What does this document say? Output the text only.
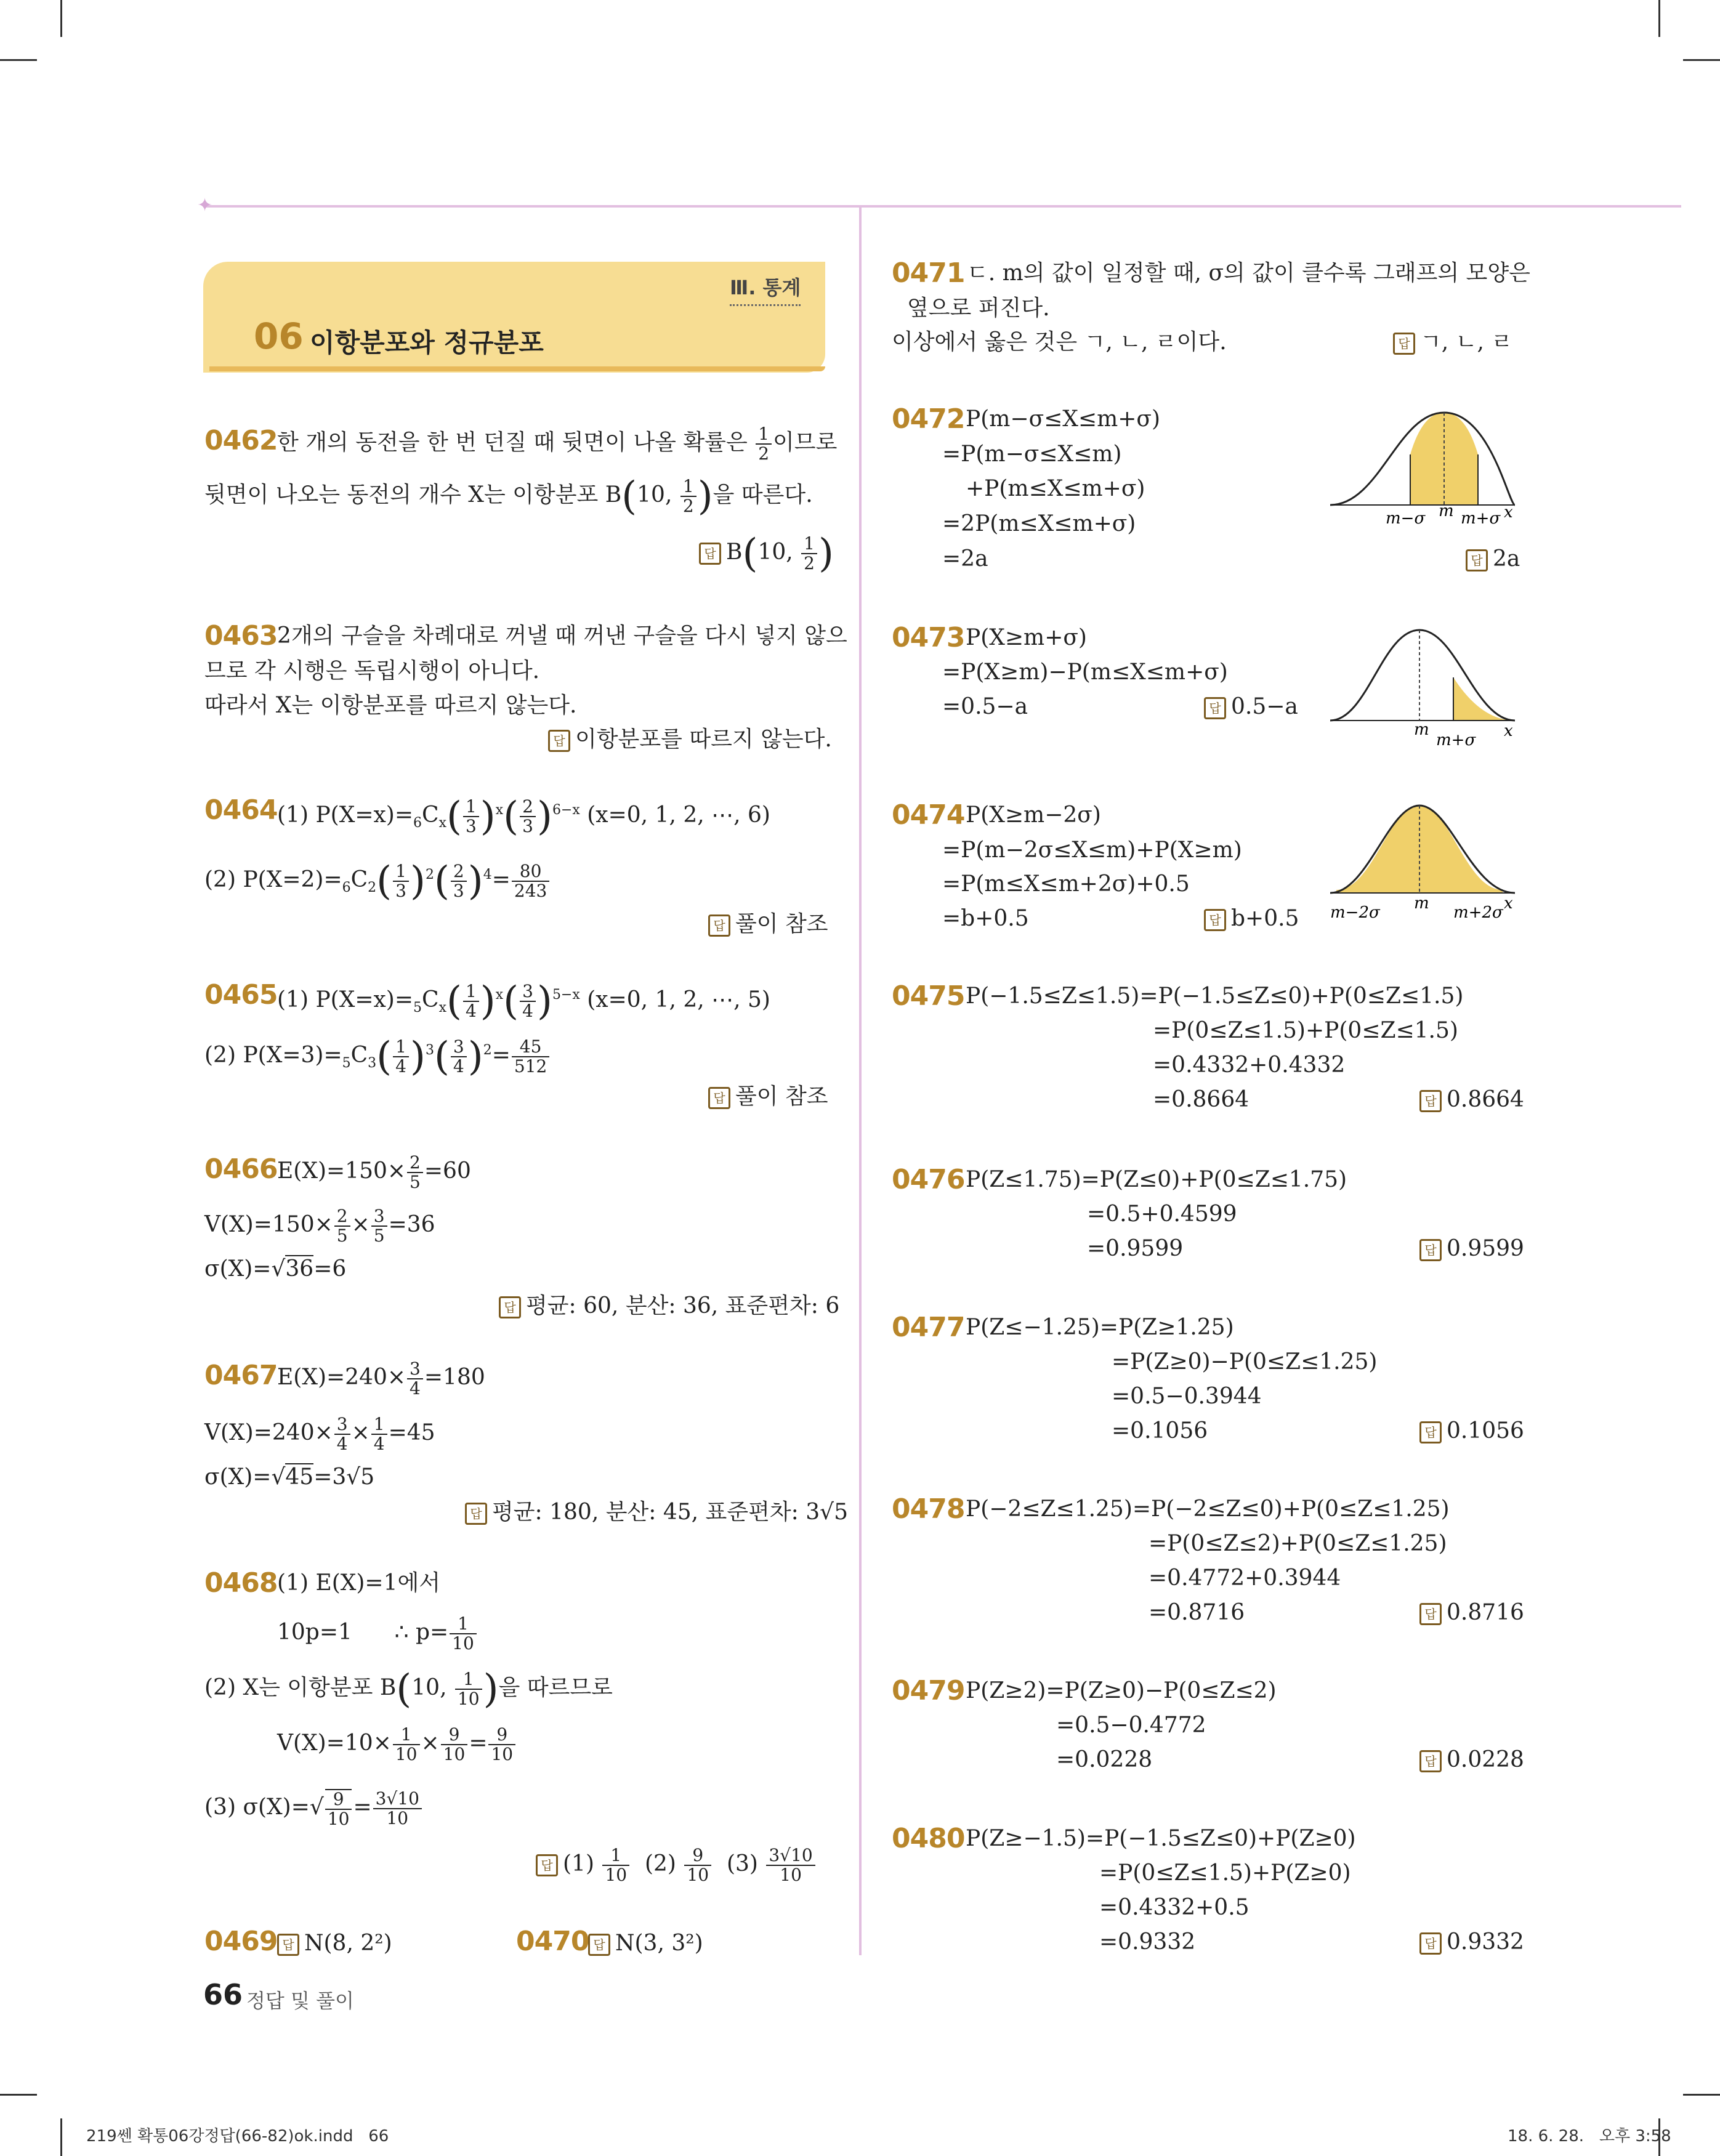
✦
Ⅲ. 통계
06 이항분포와 정규분포
0462 한 개의 동전을 한 번 던질 때 뒷면이 나올 확률은 $\frac{1}{2}$ 이므로
뒷면이 나오는 동전의 개수 X는 이항분포 B(10, $\frac{1}{2}$ )을 따른다.
답 B(10, $\frac{1}{2}$ )
0463 2개의 구슬을 차례대로 꺼낼 때 꺼낸 구슬을 다시 넣지 않으
므로 각 시행은 독립시행이 아니다.
따라서 X는 이항분포를 따르지 않는다.
답 이항분포를 따르지 않는다.
0464 (1) $P(X=x)=_6C_x( \frac{1}{3} )^x( \frac{2}{3} )^{6-x}$ (x=0, 1, 2, ⋯, 6)
(2) $P(X=2)=_6C_2( \frac{1}{3} )^2( \frac{2}{3} )^4= \frac{80}{243}$
답 풀이 참조
0465 (1) $P(X=x)=_5C_x( \frac{1}{4} )^x( \frac{3}{4} )^{5-x}$ (x=0, 1, 2, ⋯, 5)
(2) $P(X=3)=_5C_3( \frac{1}{4} )^3( \frac{3}{4} )^2= \frac{45}{512}$
답 풀이 참조
0466 $E(X)=150\times \frac{2}{5} =60$
$V(X)=150\times \frac{2}{5} \times \frac{3}{5} =36$
σ(X)=√36=6
답 평균: 60, 분산: 36, 표준편차: 6
0467 $E(X)=240\times \frac{3}{4} =180$
$V(X)=240\times \frac{3}{4} \times \frac{1}{4} =45$
σ(X)=√45=3√5
답 평균: 180, 분산: 45, 표준편차: 3√5
0468 (1) E(X)=1에서
10p=1 ∴ $p= \frac{1}{10}$
(2) X는 이항분포 B(10, $\frac{1}{10}$ )을 따르므로
$V(X)=10\times \frac{1}{10} \times \frac{9}{10} = \frac{9}{10}$
(3) $\sigma(X)=√ \frac{9}{10} = \frac{3√10}{10}$
답 $(1) \frac{1}{10} (2) \frac{9}{10} (3) \frac{3√10}{10}$
0469 답 N(8, 2²)	0470 답 N(3, 3²)
0471 ㄷ. m의 값이 일정할 때, σ의 값이 클수록 그래프의 모양은
옆으로 퍼진다.
이상에서 옳은 것은 ㄱ, ㄴ, ㄹ이다.	답 ㄱ, ㄴ, ㄹ
0472 P(m−σ≤X≤m+σ)
=P(m−σ≤X≤m)
+P(m≤X≤m+σ)
=2P(m≤X≤m+σ)
=2a	답 2a
m−σ m m+σ x
0473 P(X≥m+σ)
=P(X≥m)−P(m≤X≤m+σ)
=0.5−a	답 0.5−a
m
m+σ x
0474 P(X≥m−2σ)
=P(m−2σ≤X≤m)+P(X≥m)
=P(m≤X≤m+2σ)+0.5
=b+0.5	답 b+0.5 m−2σ m m+2σ x
0475 P(−1.5≤Z≤1.5)=P(−1.5≤Z≤0)+P(0≤Z≤1.5)
=P(0≤Z≤1.5)+P(0≤Z≤1.5)
=0.4332+0.4332
=0.8664	답 0.8664
0476 P(Z≤1.75)=P(Z≤0)+P(0≤Z≤1.75)
=0.5+0.4599
=0.9599	답 0.9599
0477 P(Z≤−1.25)=P(Z≥1.25)
=P(Z≥0)−P(0≤Z≤1.25)
=0.5−0.3944
=0.1056	답 0.1056
0478 P(−2≤Z≤1.25)=P(−2≤Z≤0)+P(0≤Z≤1.25)
=P(0≤Z≤2)+P(0≤Z≤1.25)
=0.4772+0.3944
=0.8716	답 0.8716
0479 P(Z≥2)=P(Z≥0)−P(0≤Z≤2)
=0.5−0.4772
=0.0228	답 0.0228
0480 P(Z≥−1.5)=P(−1.5≤Z≤0)+P(Z≥0)
=P(0≤Z≤1.5)+P(Z≥0)
=0.4332+0.5
=0.9332	답 0.9332
66 정답 및 풀이
219쎈 확통06강정답(66-82)ok.indd   66	18. 6. 28.   오후 3:58
